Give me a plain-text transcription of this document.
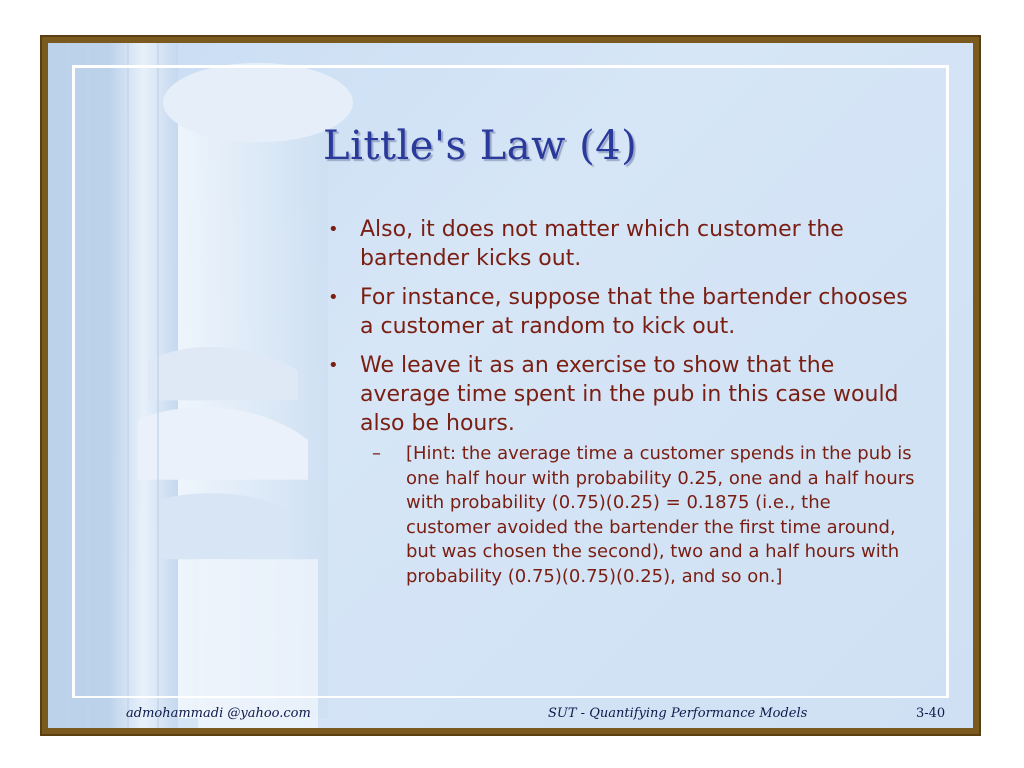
Little's Law (4)
• Also, it does not matter which customer the bartender kicks out.
• For instance, suppose that the bartender chooses a customer at random to kick out.
• We leave it as an exercise to show that the average time spent in the pub in this case would also be hours.
– [Hint: the average time a customer spends in the pub is one half hour with probability 0.25, one and a half hours with probability (0.75)(0.25) = 0.1875 (i.e., the customer avoided the bartender the first time around, but was chosen the second), two and a half hours with probability (0.75)(0.75)(0.25), and so on.]
admohammadi @yahoo.com	SUT - Quantifying Performance Models	3-40
